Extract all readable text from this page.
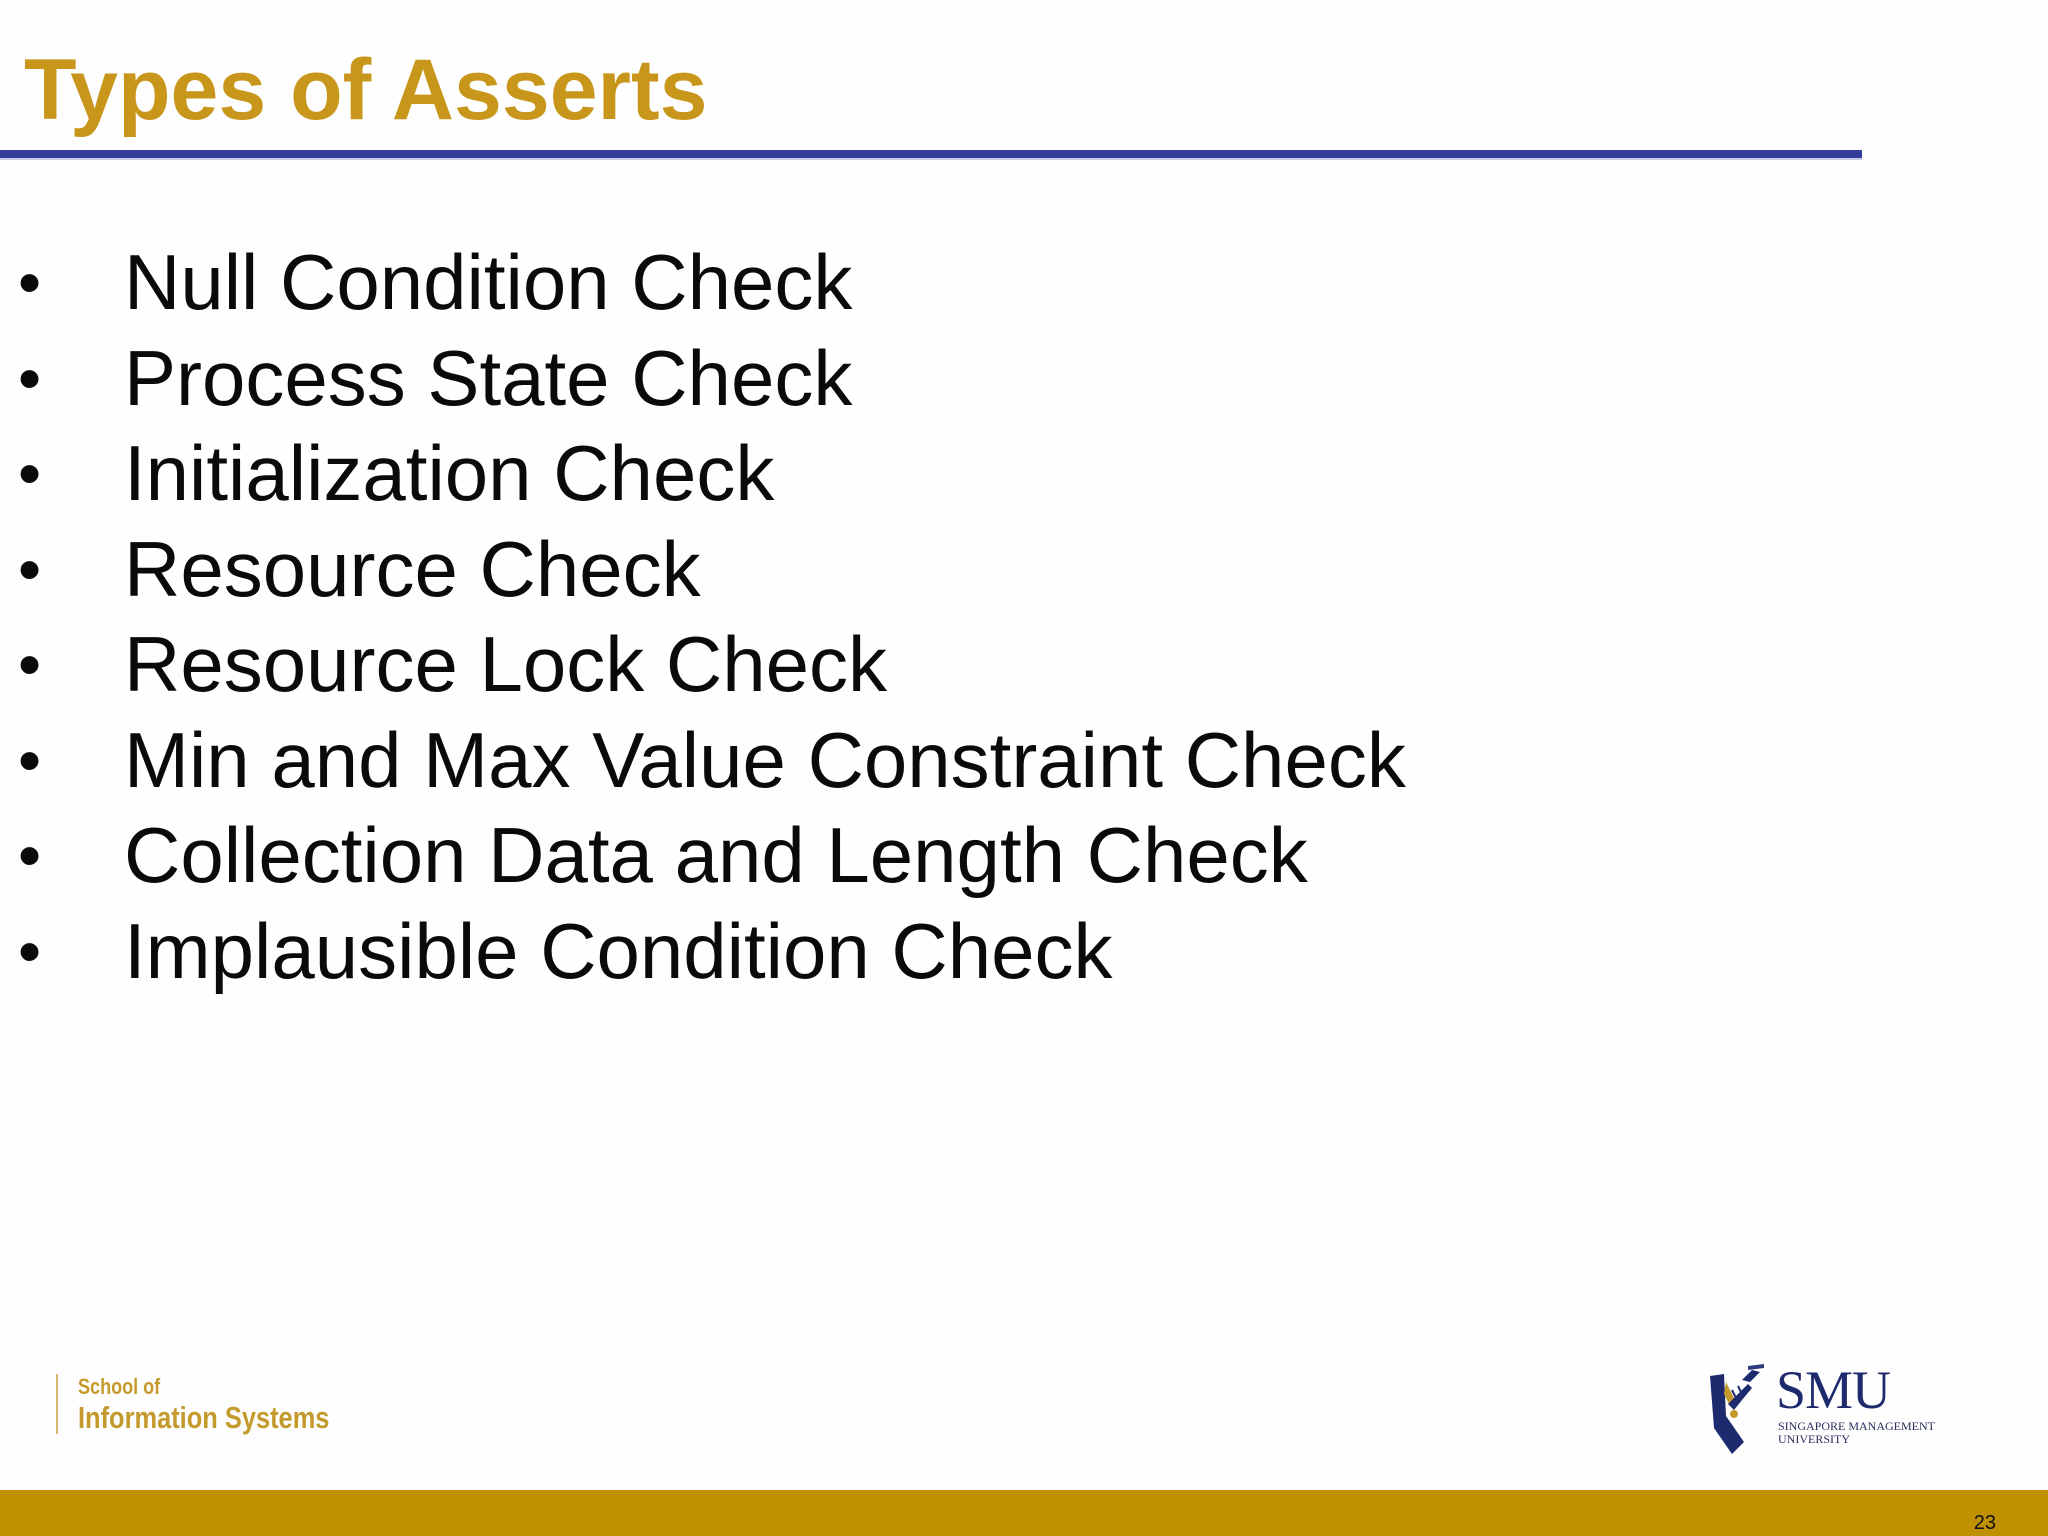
Types of Asserts
• Null Condition Check
• Process State Check
• Initialization Check
• Resource Check
• Resource Lock Check
• Min and Max Value Constraint Check
• Collection Data and Length Check
• Implausible Condition Check
School of
Information Systems	SMU
SINGAPORE MANAGEMENT
UNIVERSITY
23
